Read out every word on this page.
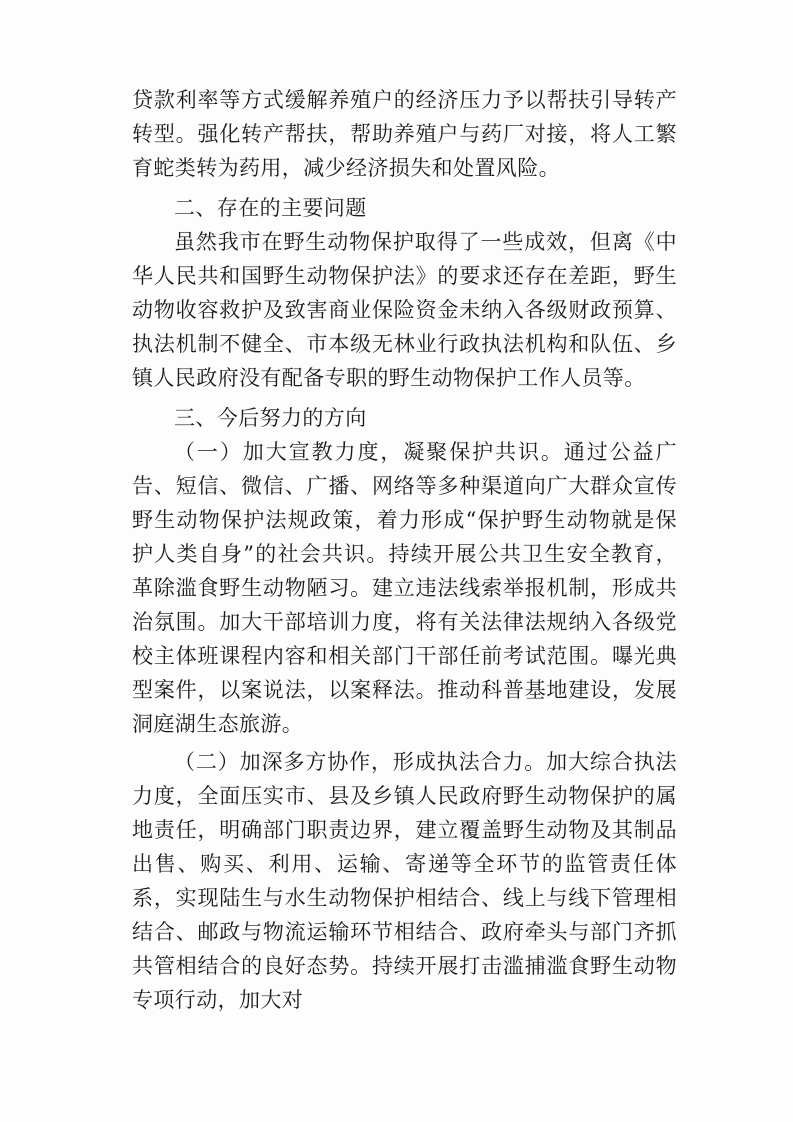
贷款利率等方式缓解养殖户的经济压力予以帮扶引导转产转型。强化转产帮扶，帮助养殖户与药厂对接，将人工繁育蛇类转为药用，减少经济损失和处置风险。

二、存在的主要问题

虽然我市在野生动物保护取得了一些成效，但离《中华人民共和国野生动物保护法》的要求还存在差距，野生动物收容救护及致害商业保险资金未纳入各级财政预算、执法机制不健全、市本级无林业行政执法机构和队伍、乡镇人民政府没有配备专职的野生动物保护工作人员等。

三、今后努力的方向

（一）加大宣教力度，凝聚保护共识。通过公益广告、短信、微信、广播、网络等多种渠道向广大群众宣传野生动物保护法规政策，着力形成“保护野生动物就是保护人类自身”的社会共识。持续开展公共卫生安全教育，革除滥食野生动物陋习。建立违法线索举报机制，形成共治氛围。加大干部培训力度，将有关法律法规纳入各级党校主体班课程内容和相关部门干部任前考试范围。曝光典型案件，以案说法，以案释法。推动科普基地建设，发展洞庭湖生态旅游。

（二）加深多方协作，形成执法合力。加大综合执法力度，全面压实市、县及乡镇人民政府野生动物保护的属地责任，明确部门职责边界，建立覆盖野生动物及其制品出售、购买、利用、运输、寄递等全环节的监管责任体系，实现陆生与水生动物保护相结合、线上与线下管理相结合、邮政与物流运输环节相结合、政府牵头与部门齐抓共管相结合的良好态势。持续开展打击滥捕滥食野生动物专项行动，加大对
